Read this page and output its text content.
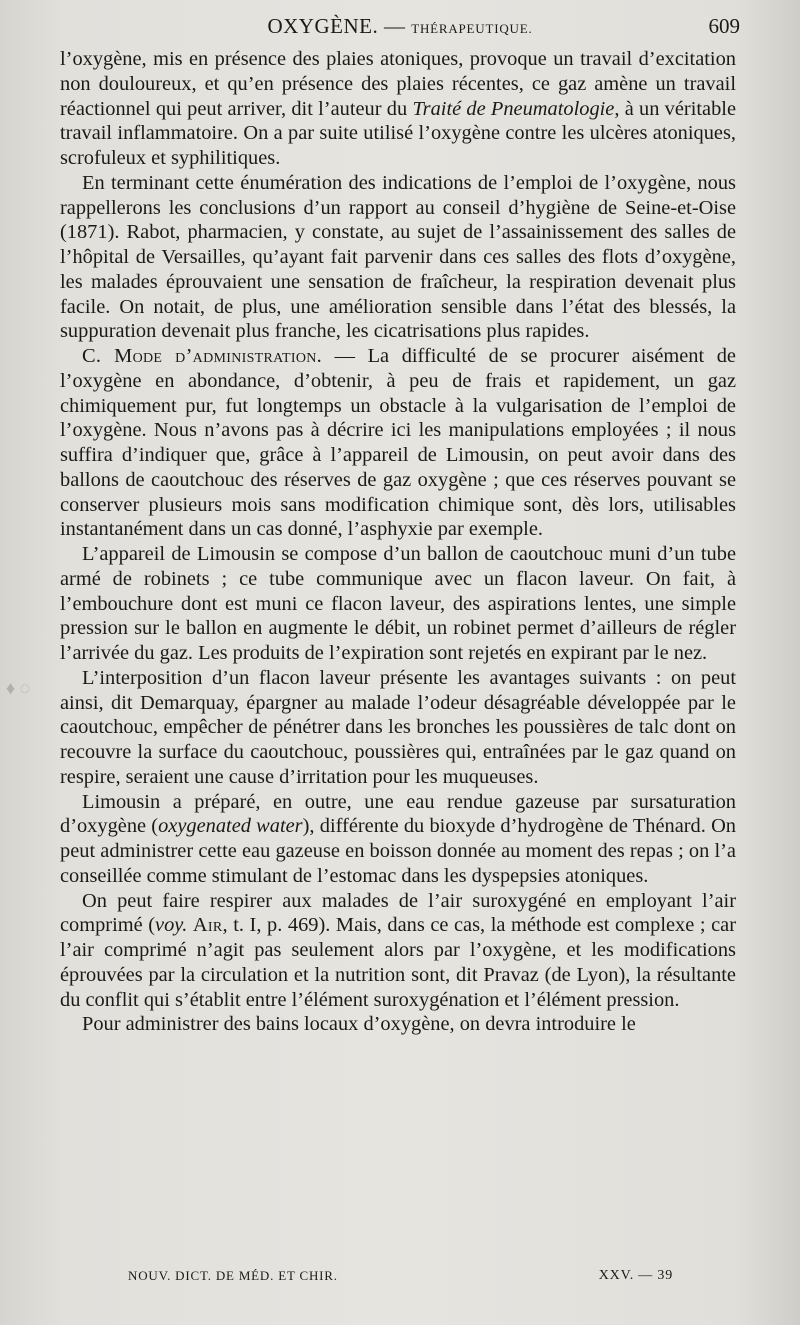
OXYGÈNE. — THÉRAPEUTIQUE.	609
♦ ◌

l’oxygène, mis en présence des plaies atoniques, provoque un travail d’excitation non douloureux, et qu’en présence des plaies récentes, ce gaz amène un travail réactionnel qui peut arriver, dit l’auteur du Traité de Pneumatologie, à un véritable travail inflammatoire. On a par suite utilisé l’oxygène contre les ulcères atoniques, scrofuleux et syphilitiques.

En terminant cette énumération des indications de l’emploi de l’oxygène, nous rappellerons les conclusions d’un rapport au conseil d’hygiène de Seine-et-Oise (1871). Rabot, pharmacien, y constate, au sujet de l’assainissement des salles de l’hôpital de Versailles, qu’ayant fait parvenir dans ces salles des flots d’oxygène, les malades éprouvaient une sensation de fraîcheur, la respiration devenait plus facile. On notait, de plus, une amélioration sensible dans l’état des blessés, la suppuration devenait plus franche, les cicatrisations plus rapides.

C. Mode d’administration. — La difficulté de se procurer aisément de l’oxygène en abondance, d’obtenir, à peu de frais et rapidement, un gaz chimiquement pur, fut longtemps un obstacle à la vulgarisation de l’emploi de l’oxygène. Nous n’avons pas à décrire ici les manipulations employées ; il nous suffira d’indiquer que, grâce à l’appareil de Limousin, on peut avoir dans des ballons de caoutchouc des réserves de gaz oxygène ; que ces réserves pouvant se conserver plusieurs mois sans modification chimique sont, dès lors, utilisables instantanément dans un cas donné, l’asphyxie par exemple.

L’appareil de Limousin se compose d’un ballon de caoutchouc muni d’un tube armé de robinets ; ce tube communique avec un flacon laveur. On fait, à l’embouchure dont est muni ce flacon laveur, des aspirations lentes, une simple pression sur le ballon en augmente le débit, un robinet permet d’ailleurs de régler l’arrivée du gaz. Les produits de l’expiration sont rejetés en expirant par le nez.

L’interposition d’un flacon laveur présente les avantages suivants : on peut ainsi, dit Demarquay, épargner au malade l’odeur désagréable développée par le caoutchouc, empêcher de pénétrer dans les bronches les poussières de talc dont on recouvre la surface du caoutchouc, poussières qui, entraînées par le gaz quand on respire, seraient une cause d’irritation pour les muqueuses.

Limousin a préparé, en outre, une eau rendue gazeuse par sursaturation d’oxygène (oxygenated water), différente du bioxyde d’hydrogène de Thénard. On peut administrer cette eau gazeuse en boisson donnée au moment des repas ; on l’a conseillée comme stimulant de l’estomac dans les dyspepsies atoniques.

On peut faire respirer aux malades de l’air suroxygéné en employant l’air comprimé (voy. Air, t. I, p. 469). Mais, dans ce cas, la méthode est complexe ; car l’air comprimé n’agit pas seulement alors par l’oxygène, et les modifications éprouvées par la circulation et la nutrition sont, dit Pravaz (de Lyon), la résultante du conflit qui s’établit entre l’élément suroxygénation et l’élément pression.

Pour administrer des bains locaux d’oxygène, on devra introduire le

NOUV. DICT. DE MÉD. ET CHIR.	XXV. — 39
